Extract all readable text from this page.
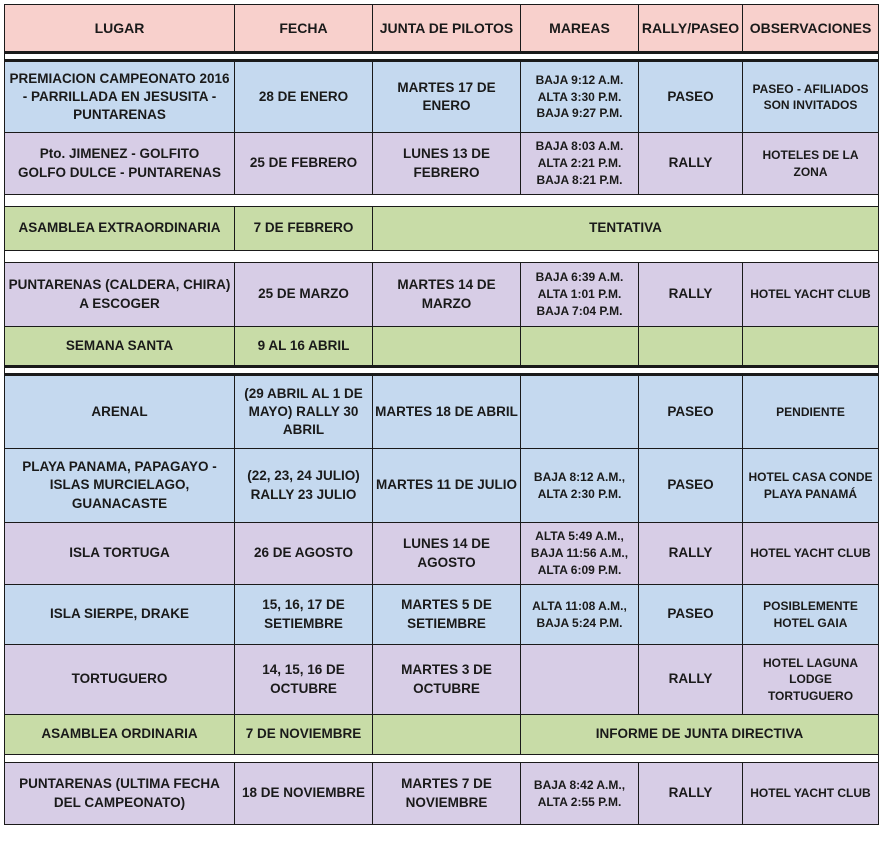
LUGAR	FECHA	JUNTA DE PILOTOS	MAREAS	RALLY/PASEO	OBSERVACIONES

PREMIACION CAMPEONATO 2016 - PARRILLADA EN JESUSITA - PUNTARENAS	28 DE ENERO	MARTES 17 DE ENERO	BAJA 9:12 A.M.
ALTA 3:30 P.M.
BAJA 9:27 P.M.	PASEO	PASEO - AFILIADOS SON INVITADOS
Pto. JIMENEZ - GOLFITO
GOLFO DULCE - PUNTARENAS	25 DE FEBRERO	LUNES 13 DE FEBRERO	BAJA 8:03 A.M.
ALTA 2:21 P.M.
BAJA 8:21 P.M.	RALLY	HOTELES DE LA ZONA

ASAMBLEA EXTRAORDINARIA	7 DE FEBRERO	TENTATIVA			

PUNTARENAS (CALDERA, CHIRA) A ESCOGER	25 DE MARZO	MARTES 14 DE MARZO	BAJA 6:39 A.M.
ALTA 1:01 P.M.
BAJA 7:04 P.M.	RALLY	HOTEL YACHT CLUB
SEMANA SANTA	9 AL 16 ABRIL				

ARENAL	(29 ABRIL AL 1 DE MAYO) RALLY 30 ABRIL	MARTES 18 DE ABRIL		PASEO	PENDIENTE
PLAYA PANAMA, PAPAGAYO - ISLAS MURCIELAGO, GUANACASTE	(22, 23, 24 JULIO)
RALLY 23 JULIO	MARTES 11 DE JULIO	BAJA 8:12 A.M.,
ALTA 2:30 P.M.	PASEO	HOTEL CASA CONDE PLAYA PANAMÁ
ISLA TORTUGA	26 DE AGOSTO	LUNES 14 DE AGOSTO	ALTA 5:49 A.M.,
BAJA 11:56 A.M.,
ALTA 6:09 P.M.	RALLY	HOTEL YACHT CLUB
ISLA SIERPE, DRAKE	15, 16, 17 DE SETIEMBRE	MARTES 5 DE SETIEMBRE	ALTA 11:08 A.M.,
BAJA 5:24 P.M.	PASEO	POSIBLEMENTE HOTEL GAIA
TORTUGUERO	14, 15, 16 DE OCTUBRE	MARTES 3 DE OCTUBRE		RALLY	HOTEL LAGUNA LODGE TORTUGUERO
ASAMBLEA ORDINARIA	7 DE NOVIEMBRE		INFORME DE JUNTA DIRECTIVA		

PUNTARENAS (ULTIMA FECHA DEL CAMPEONATO)	18 DE NOVIEMBRE	MARTES 7 DE NOVIEMBRE	BAJA 8:42 A.M.,
ALTA 2:55 P.M.	RALLY	HOTEL YACHT CLUB
